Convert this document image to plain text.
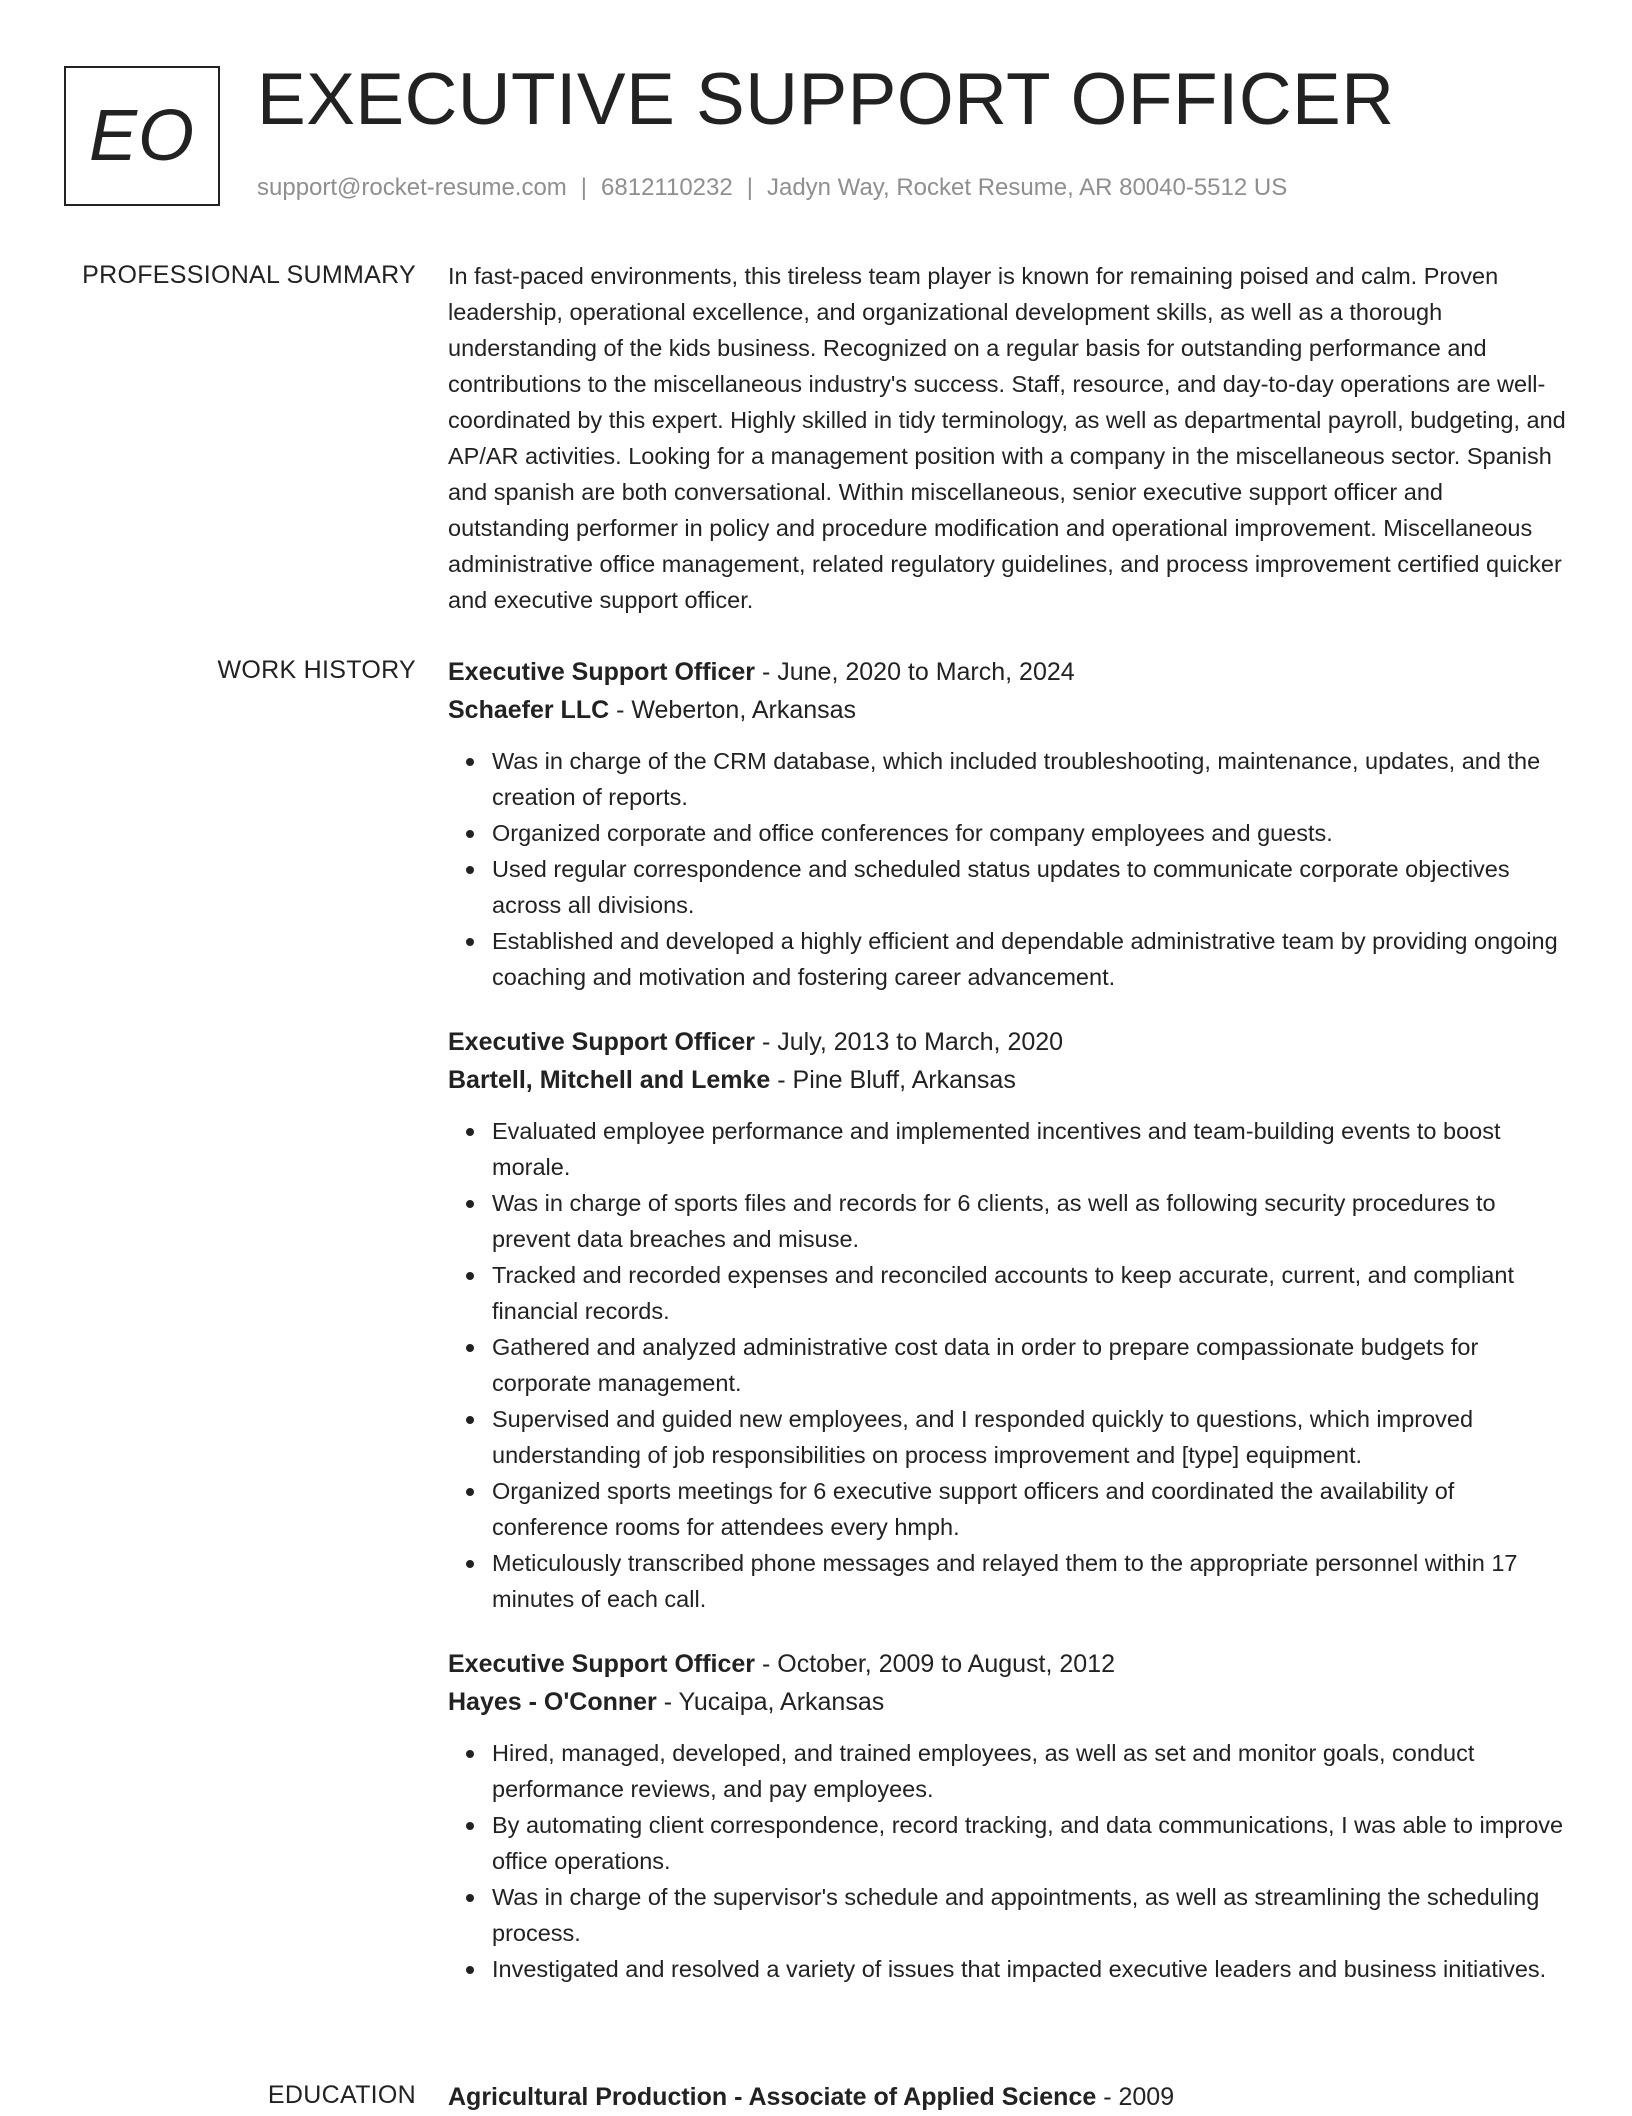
EO EXECUTIVE SUPPORT OFFICER
support@rocket-resume.com | 6812110232 | Jadyn Way, Rocket Resume, AR 80040-5512 US
PROFESSIONAL SUMMARY In fast-paced environments, this tireless team player is known for remaining poised and calm. Proven leadership, operational excellence, and organizational development skills, as well as a thorough understanding of the kids business. Recognized on a regular basis for outstanding performance and contributions to the miscellaneous industry's success. Staff, resource, and day-to-day operations are well-coordinated by this expert. Highly skilled in tidy terminology, as well as departmental payroll, budgeting, and AP/AR activities. Looking for a management position with a company in the miscellaneous sector. Spanish and spanish are both conversational. Within miscellaneous, senior executive support officer and outstanding performer in policy and procedure modification and operational improvement. Miscellaneous administrative office management, related regulatory guidelines, and process improvement certified quicker and executive support officer.

WORK HISTORY Executive Support Officer - June, 2020 to March, 2024
Schaefer LLC - Weberton, Arkansas
Was in charge of the CRM database, which included troubleshooting, maintenance, updates, and the creation of reports.
Organized corporate and office conferences for company employees and guests.
Used regular correspondence and scheduled status updates to communicate corporate objectives across all divisions.
Established and developed a highly efficient and dependable administrative team by providing ongoing coaching and motivation and fostering career advancement.
Executive Support Officer - July, 2013 to March, 2020
Bartell, Mitchell and Lemke - Pine Bluff, Arkansas
Evaluated employee performance and implemented incentives and team-building events to boost morale.
Was in charge of sports files and records for 6 clients, as well as following security procedures to prevent data breaches and misuse.
Tracked and recorded expenses and reconciled accounts to keep accurate, current, and compliant financial records.
Gathered and analyzed administrative cost data in order to prepare compassionate budgets for corporate management.
Supervised and guided new employees, and I responded quickly to questions, which improved understanding of job responsibilities on process improvement and [type] equipment.
Organized sports meetings for 6 executive support officers and coordinated the availability of conference rooms for attendees every hmph.
Meticulously transcribed phone messages and relayed them to the appropriate personnel within 17 minutes of each call.
Executive Support Officer - October, 2009 to August, 2012
Hayes - O'Conner - Yucaipa, Arkansas
Hired, managed, developed, and trained employees, as well as set and monitor goals, conduct performance reviews, and pay employees.
By automating client correspondence, record tracking, and data communications, I was able to improve office operations.
Was in charge of the supervisor's schedule and appointments, as well as streamlining the scheduling process.
Investigated and resolved a variety of issues that impacted executive leaders and business initiatives.
EDUCATION Agricultural Production - Associate of Applied Science - 2009
